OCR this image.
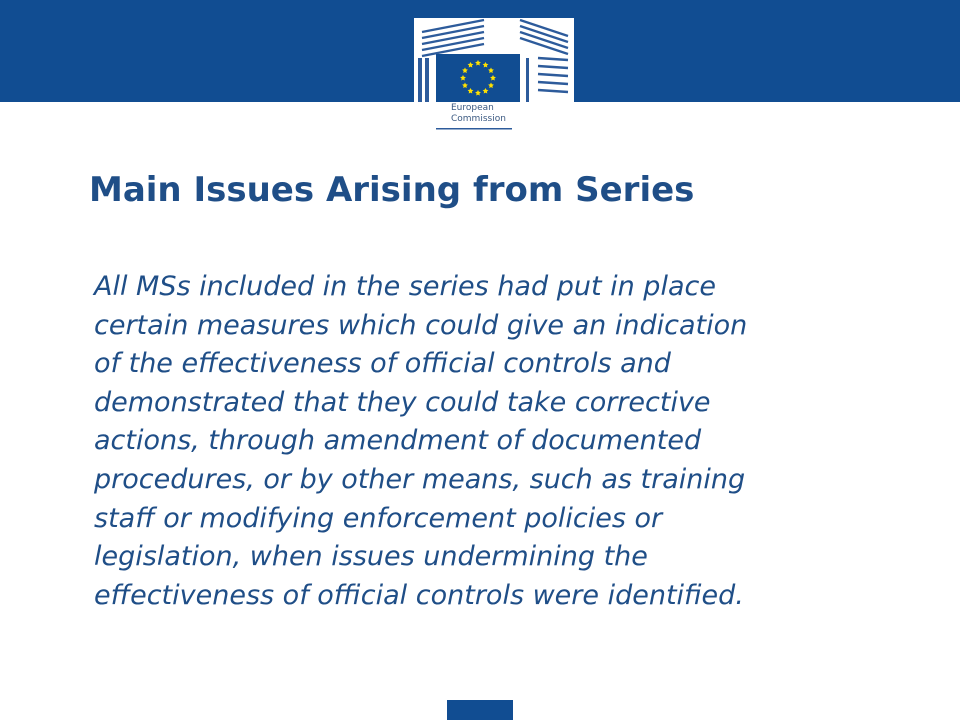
European
Commission
Main Issues Arising from Series

All MSs included in the series had put in place
certain measures which could give an indication
of the effectiveness of official controls and
demonstrated that they could take corrective
actions, through amendment of documented
procedures, or by other means, such as training
staff or modifying enforcement policies or
legislation, when issues undermining the
effectiveness of official controls were identified.
